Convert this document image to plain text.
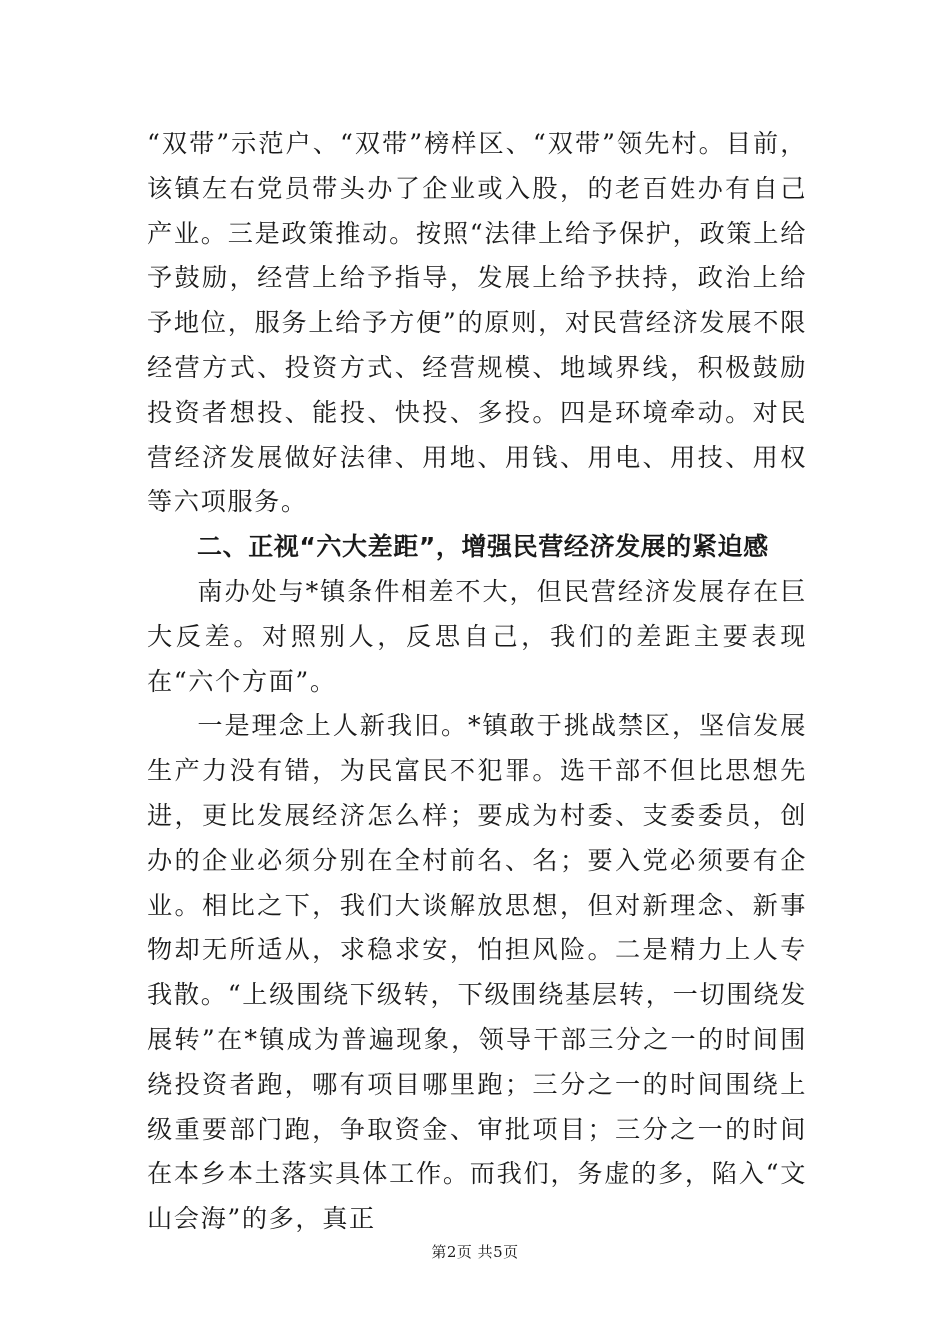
“双带”示范户、“双带”榜样区、“双带”领先村。目前，该镇左右党员带头办了企业或入股，的老百姓办有自己产业。三是政策推动。按照“法律上给予保护，政策上给予鼓励，经营上给予指导，发展上给予扶持，政治上给予地位，服务上给予方便”的原则，对民营经济发展不限经营方式、投资方式、经营规模、地域界线，积极鼓励投资者想投、能投、快投、多投。四是环境牵动。对民营经济发展做好法律、用地、用钱、用电、用技、用权等六项服务。

二、正视“六大差距”，增强民营经济发展的紧迫感

南办处与*镇条件相差不大，但民营经济发展存在巨大反差。对照别人，反思自己，我们的差距主要表现在“六个方面”。

一是理念上人新我旧。*镇敢于挑战禁区，坚信发展生产力没有错，为民富民不犯罪。选干部不但比思想先进，更比发展经济怎么样；要成为村委、支委委员，创办的企业必须分别在全村前名、名；要入党必须要有企业。相比之下，我们大谈解放思想，但对新理念、新事物却无所适从，求稳求安，怕担风险。二是精力上人专我散。“上级围绕下级转，下级围绕基层转，一切围绕发展转”在*镇成为普遍现象，领导干部三分之一的时间围绕投资者跑，哪有项目哪里跑；三分之一的时间围绕上级重要部门跑，争取资金、审批项目；三分之一的时间在本乡本土落实具体工作。而我们，务虚的多，陷入“文山会海”的多，真正

第2页 共5页
